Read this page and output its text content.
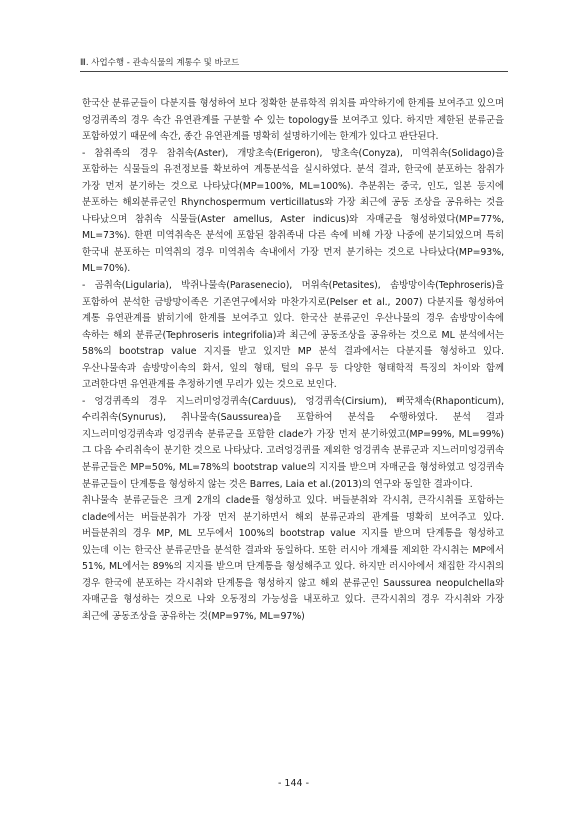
Ⅲ. 사업수행 - 관속식물의 계통수 및 바코드

한국산 분류군들이 다분지를 형성하여 보다 정확한 분류학적 위치를 파악하기에 한계를 보여주고 있으며 엉겅퀴족의 경우 속간 유연관계를 구분할 수 있는 topology를 보여주고 있다. 하지만 제한된 분류군을 포함하였기 때문에 속간, 종간 유연관계를 명확히 설명하기에는 한계가 있다고 판단된다.

- 참취족의 경우 참취속(Aster), 개망초속(Erigeron), 망초속(Conyza), 미역취속(Solidago)을 포함하는 식물들의 유전정보를 확보하여 계통분석을 실시하였다. 분석 결과, 한국에 분포하는 참취가 가장 먼저 분기하는 것으로 나타났다(MP=100%, ML=100%). 추분취는 중국, 인도, 일본 등지에 분포하는 해외분류군인 Rhynchospermum verticillatus와 가장 최근에 공동 조상을 공유하는 것을 나타났으며 참취속 식물들(Aster amellus, Aster indicus)와 자매군을 형성하였다(MP=77%, ML=73%). 한편 미역취속은 분석에 포함된 참취족내 다른 속에 비해 가장 나중에 분기되었으며 특히 한국내 분포하는 미역취의 경우 미역취속 속내에서 가장 먼저 분기하는 것으로 나타났다(MP=93%, ML=70%).

- 곰취속(Ligularia), 박쥐나물속(Parasenecio), 머위속(Petasites), 솜방망이속(Tephroseris)을 포함하여 분석한 금방망이족은 기존연구에서와 마찬가지로(Pelser et al., 2007) 다분지를 형성하여 계통 유연관계를 밝히기에 한계를 보여주고 있다. 한국산 분류군인 우산나물의 경우 솜방망이속에 속하는 해외 분류군(Tephroseris integrifolia)과 최근에 공동조상을 공유하는 것으로 ML 분석에서는 58%의 bootstrap value 지지를 받고 있지만 MP 분석 결과에서는 다분지를 형성하고 있다. 우산나물속과 솜방망이속의 화서, 잎의 형태, 털의 유무 등 다양한 형태학적 특징의 차이와 함께 고려한다면 유연관계를 추정하기엔 무리가 있는 것으로 보인다.

- 엉겅퀴족의 경우 지느러미엉겅퀴속(Carduus), 엉겅퀴속(Cirsium), 뻐꾹채속(Rhaponticum), 수리취속(Synurus), 취나물속(Saussurea)을 포함하여 분석을 수행하였다. 분석 결과 지느러미엉겅퀴속과 엉겅퀴속 분류군을 포함한 clade가 가장 먼저 분기하였고(MP=99%, ML=99%) 그 다음 수리취속이 분기한 것으로 나타났다. 고려엉겅퀴를 제외한 엉겅퀴속 분류군과 지느러미엉겅퀴속 분류군들은 MP=50%, ML=78%의 bootstrap value의 지지를 받으며 자매군을 형성하였고 엉겅퀴속 분류군들이 단계통을 형성하지 않는 것은 Barres, Laia et al.(2013)의 연구와 동일한 결과이다.

취나물속 분류군들은 크게 2개의 clade를 형성하고 있다. 버들분취와 각시취, 큰각시취를 포함하는 clade에서는 버들분취가 가장 먼저 분기하면서 해외 분류군과의 관계를 명확히 보여주고 있다. 버들분취의 경우 MP, ML 모두에서 100%의 bootstrap value 지지를 받으며 단계통을 형성하고 있는데 이는 한국산 분류군만을 분석한 결과와 동일하다. 또한 러시아 개체를 제외한 각시취는 MP에서 51%, ML에서는 89%의 지지를 받으며 단계통을 형성해주고 있다. 하지만 러시아에서 채집한 각시취의 경우 한국에 분포하는 각시취와 단계통을 형성하지 않고 해외 분류군인 Saussurea neopulchella와 자매군을 형성하는 것으로 나와 오동정의 가능성을 내포하고 있다. 큰각시취의 경우 각시취와 가장 최근에 공동조상을 공유하는 것(MP=97%, ML=97%)

- 144 -
